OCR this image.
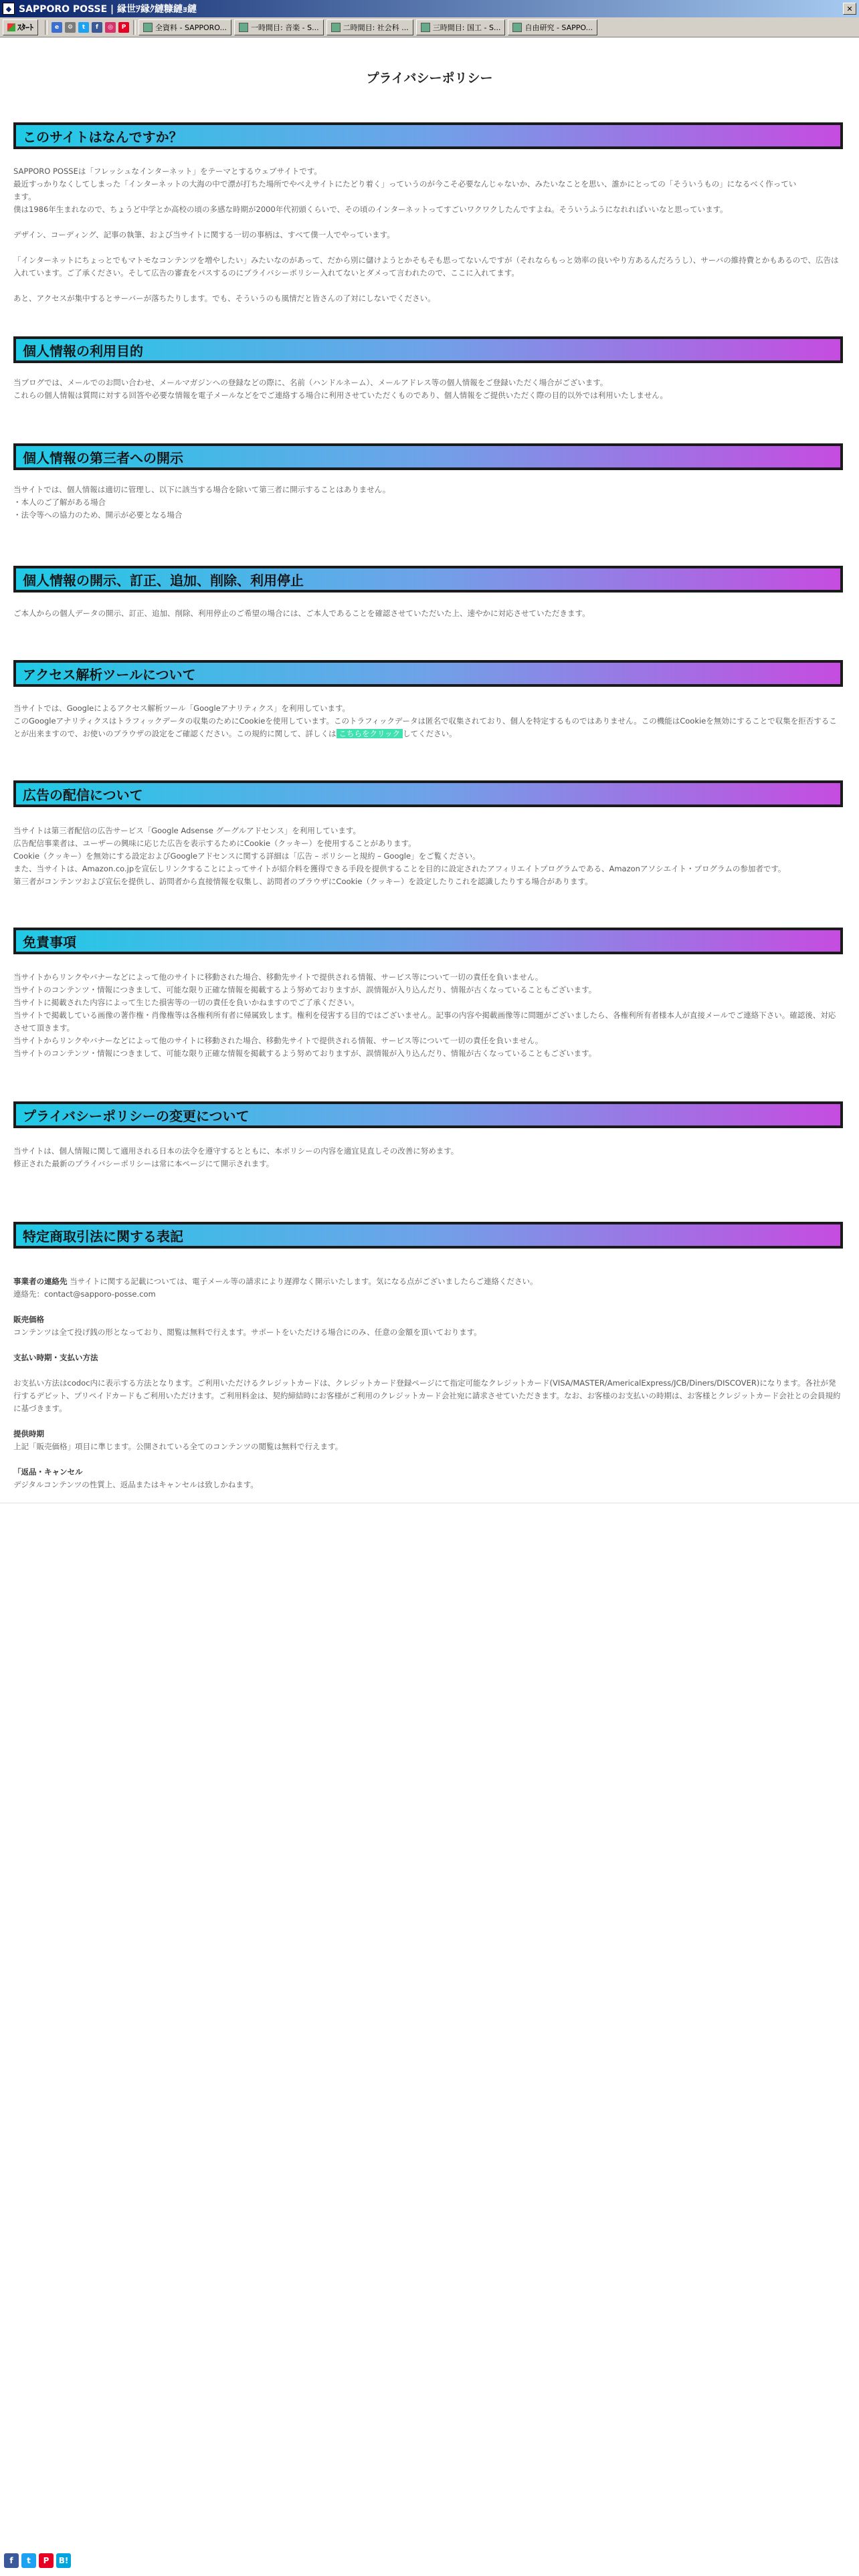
◆ SAPPORO POSSE | 縁世ｦ縁ｸ縺糠縺ｮ縺	✕
ｽﾀｰﾄ	e	⚙	t	f	◎	P	全資料 - SAPPORO...	一時間目: 音楽 - S...	二時間目: 社会科 ...	三時間目: 国工 - S...	自由研究 - SAPPO...
プライバシーポリシー
このサイトはなんですか？

SAPPORO POSSEは「フレッシュなインターネット」をテーマとするウェブサイトです。

最近すっかりなくしてしまった「インターネットの大海の中で漂が打ちた場所でやべえサイトにたどり着く」っていうのが今こそ必要なんじゃないか、みたいなことを思い、誰かにとっての「そういうもの」になるべく作ってい

ます。

僕は1986年生まれなので、ちょうど中学とか高校の頃の多感な時期が2000年代初頭くらいで、その頃のインターネットってすごいワクワクしたんですよね。そういうふうになれればいいなと思っています。

デザイン、コーディング、記事の執筆、および当サイトに関する一切の事柄は、すべて僕一人でやっています。

「インターネットにちょっとでもマトモなコンテンツを増やしたい」みたいなのがあって、だから別に儲けようとかそもそも思ってないんですが（それならもっと効率の良いやり方あるんだろうし）、サーバの維持費とかもあるので、広告は入れています。ご了承ください。そして広告の審査をパスするのにプライバシーポリシー入れてないとダメって言われたので、ここに入れてます。

あと、アクセスが集中するとサーバーが落ちたりします。でも、そういうのも風情だと皆さんの了対にしないでください。

個人情報の利用目的

当ブログでは、メールでのお問い合わせ、メールマガジンへの登録などの際に、名前（ハンドルネーム）、メールアドレス等の個人情報をご登録いただく場合がございます。

これらの個人情報は質問に対する回答や必要な情報を電子メールなどをでご連絡する場合に利用させていただくものであり、個人情報をご提供いただく際の目的以外では利用いたしません。

個人情報の第三者への開示

当サイトでは、個人情報は適切に管理し、以下に該当する場合を除いて第三者に開示することはありません。

・本人のご了解がある場合

・法令等への協力のため、開示が必要となる場合

個人情報の開示、訂正、追加、削除、利用停止

ご本人からの個人データの開示、訂正、追加、削除、利用停止のご希望の場合には、ご本人であることを確認させていただいた上、速やかに対応させていただきます。

アクセス解析ツールについて

当サイトでは、Googleによるアクセス解析ツール「Googleアナリティクス」を利用しています。

このGoogleアナリティクスはトラフィックデータの収集のためにCookieを使用しています。このトラフィックデータは匿名で収集されており、個人を特定するものではありません。この機能はCookieを無効にすることで収集を拒否することが出来ますので、お使いのブラウザの設定をご確認ください。この規約に関して、詳しくは こちらをクリック してください。

広告の配信について

当サイトは第三者配信の広告サービス「Google Adsense グーグルアドセンス」を利用しています。

広告配信事業者は、ユーザーの興味に応じた広告を表示するためにCookie（クッキー）を使用することがあります。

Cookie（クッキー）を無効にする設定およびGoogleアドセンスに関する詳細は「広告 – ポリシーと規約 – Google」をご覧ください。

また、当サイトは、Amazon.co.jpを宣伝しリンクすることによってサイトが紹介料を獲得できる手段を提供することを目的に設定されたアフィリエイトプログラムである、Amazonアソシエイト・プログラムの参加者です。

第三者がコンテンツおよび宣伝を提供し、訪問者から直接情報を収集し、訪問者のブラウザにCookie（クッキー）を設定したりこれを認識したりする場合があります。

免責事項

当サイトからリンクやバナーなどによって他のサイトに移動された場合、移動先サイトで提供される情報、サービス等について一切の責任を負いません。

当サイトのコンテンツ・情報につきまして、可能な限り正確な情報を掲載するよう努めておりますが、誤情報が入り込んだり、情報が古くなっていることもございます。

当サイトに掲載された内容によって生じた損害等の一切の責任を負いかねますのでご了承ください。

当サイトで掲載している画像の著作権・肖像権等は各権利所有者に帰属致します。権利を侵害する目的ではございません。記事の内容や掲載画像等に問題がございましたら、各権利所有者様本人が直接メールでご連絡下さい。確認後、対応させて頂きます。

当サイトからリンクやバナーなどによって他のサイトに移動された場合、移動先サイトで提供される情報、サービス等について一切の責任を負いません。

当サイトのコンテンツ・情報につきまして、可能な限り正確な情報を掲載するよう努めておりますが、誤情報が入り込んだり、情報が古くなっていることもございます。

プライバシーポリシーの変更について

当サイトは、個人情報に関して適用される日本の法令を遵守するとともに、本ポリシーの内容を適宜見直しその改善に努めます。

修正された最新のプライバシーポリシーは常に本ページにて開示されます。

特定商取引法に関する表記

事業者の連絡先 当サイトに関する記載については、電子メール等の請求により遅滞なく開示いたします。気になる点がございましたらご連絡ください。

連絡先：contact@sapporo-posse.com

販売価格

コンテンツは全て投げ銭の形となっており、閲覧は無料で行えます。サポートをいただける場合にのみ、任意の金額を頂いております。

支払い時期・支払い方法

お支払い方法はcodoc内に表示する方法となります。ご利用いただけるクレジットカードは、クレジットカード登録ページにて指定可能なクレジットカード(VISA/MASTER/AmericalExpress/JCB/Diners/DISCOVER)になります。各社が発行するデビット、プリペイドカードもご利用いただけます。ご利用料金は、契約締結時にお客様がご利用のクレジットカード会社宛に請求させていただきます。なお、お客様のお支払いの時期は、お客様とクレジットカード会社との会員規約に基づきます。

提供時期

上記「販売価格」項目に準じます。公開されている全てのコンテンツの閲覧は無料で行えます。

「返品・キャンセル

デジタルコンテンツの性質上、返品またはキャンセルは致しかねます。

f t P B!
